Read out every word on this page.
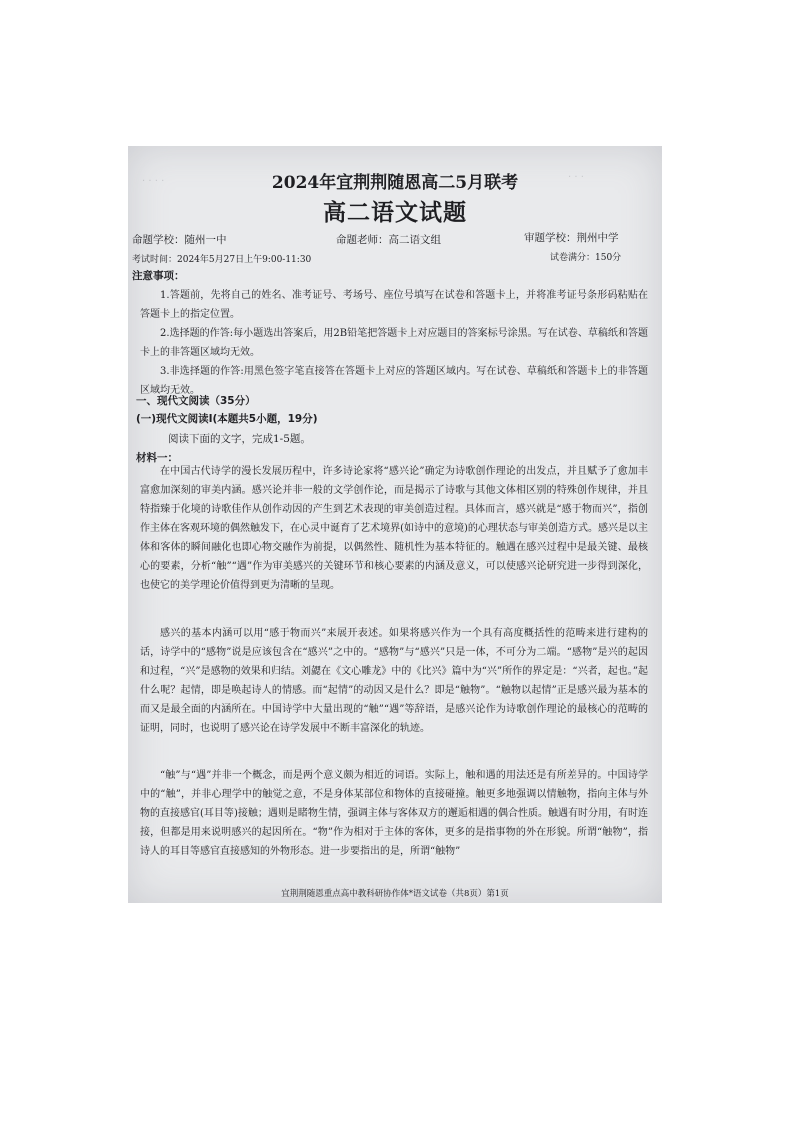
· · · ·	· · ·
2024年宜荆荆随恩高二5月联考
高二语文试题
命题学校：随州一中	命题老师：高二语文组	审题学校：荆州中学
考试时间：2024年5月27日上午9:00-11:30	试卷满分：150分
注意事项：
1.答题前，先将自己的姓名、准考证号、考场号、座位号填写在试卷和答题卡上，并将准考证号条形码粘贴在答题卡上的指定位置。
2.选择题的作答:每小题选出答案后，用2B铅笔把答题卡上对应题目的答案标号涂黑。写在试卷、草稿纸和答题卡上的非答题区域均无效。
3.非选择题的作答:用黑色签字笔直接答在答题卡上对应的答题区域内。写在试卷、草稿纸和答题卡上的非答题区域均无效。
一、现代文阅读（35分）
(一)现代文阅读Ⅰ(本题共5小题，19分)
阅读下面的文字，完成1-5题。
材料一：
在中国古代诗学的漫长发展历程中，许多诗论家将“感兴论”确定为诗歌创作理论的出发点，并且赋予了愈加丰富愈加深刻的审美内涵。感兴论并非一般的文学创作论，而是揭示了诗歌与其他文体相区别的特殊创作规律，并且特指臻于化境的诗歌佳作从创作动因的产生到艺术表现的审美创造过程。具体而言，感兴就是“感于物而兴”，指创作主体在客观环境的偶然触发下，在心灵中诞育了艺术境界(如诗中的意境)的心理状态与审美创造方式。感兴是以主体和客体的瞬间融化也即心物交融作为前提，以偶然性、随机性为基本特征的。触遇在感兴过程中是最关键、最核心的要素，分析“触”“遇”作为审美感兴的关键环节和核心要素的内涵及意义，可以使感兴论研究进一步得到深化，也使它的美学理论价值得到更为清晰的呈现。
感兴的基本内涵可以用“感于物而兴”来展开表述。如果将感兴作为一个具有高度概括性的范畴来进行建构的话，诗学中的“感物”说是应该包含在“感兴”之中的。“感物”与“感兴”只是一体，不可分为二端。“感物”是兴的起因和过程，“兴”是感物的效果和归结。刘勰在《文心雕龙》中的《比兴》篇中为“兴”所作的界定是：“兴者，起也。”起什么呢？起情，即是唤起诗人的情感。而“起情”的动因又是什么？即是“触物”。“触物以起情”正是感兴最为基本的而又是最全面的内涵所在。中国诗学中大量出现的“触”“遇”等辞语，是感兴论作为诗歌创作理论的最核心的范畴的证明，同时，也说明了感兴论在诗学发展中不断丰富深化的轨迹。
“触”与“遇”并非一个概念，而是两个意义颇为相近的词语。实际上，触和遇的用法还是有所差异的。中国诗学中的“触”，并非心理学中的触觉之意，不是身体某部位和物体的直接碰撞。触更多地强调以情触物，指向主体与外物的直接感官(耳目等)接触；遇则是睹物生情，强调主体与客体双方的邂逅相遇的偶合性质。触遇有时分用，有时连接，但都是用来说明感兴的起因所在。“物”作为相对于主体的客体，更多的是指事物的外在形貌。所谓“触物”，指诗人的耳目等感官直接感知的外物形态。进一步要指出的是，所谓“触物”
宜荆荆随恩重点高中教科研协作体*语文试卷（共8页）第1页
